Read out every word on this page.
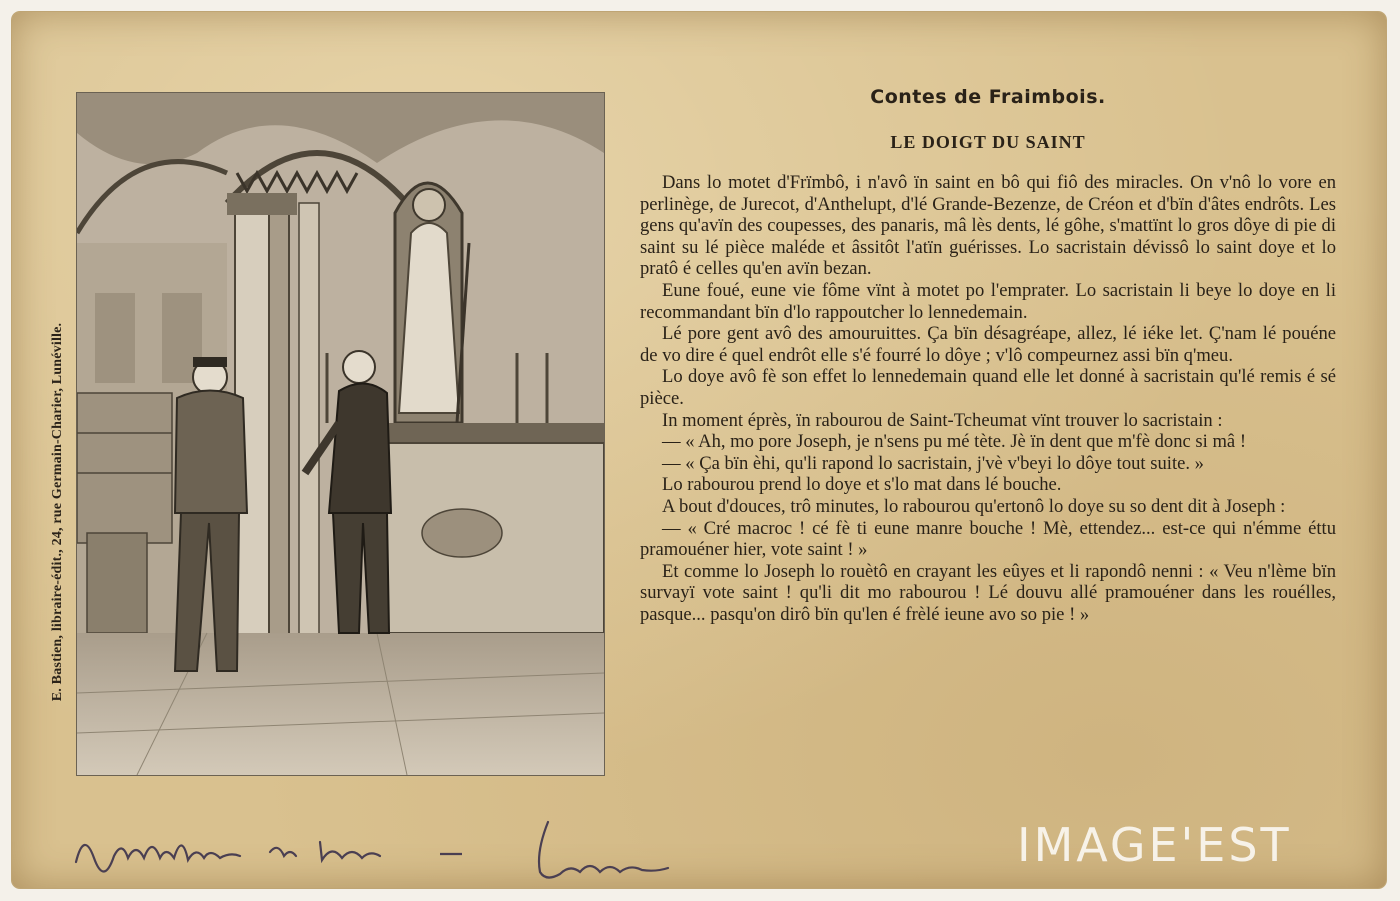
E. Bastien, libraire-édit., 24, rue Germain-Charier, Lunéville.
Contes de Fraimbois.
LE DOIGT DU SAINT

Dans lo motet d'Frïmbô, i n'avô ïn saint en bô qui fiô des miracles. On v'nô lo vore en perlinège, de Jurecot, d'Anthelupt, d'lé Grande-Bezenze, de Créon et d'bïn d'âtes endrôts. Les gens qu'avïn des coupesses, des panaris, mâ lès dents, lé gôhe, s'mattïnt lo gros dôye di pie di saint su lé pièce maléde et âssitôt l'atïn guérisses. Lo sacristain dévissô lo saint doye et lo pratô é celles qu'en avïn bezan.

Eune foué, eune vie fôme vïnt à motet po l'emprater. Lo sacristain li beye lo doye en li recommandant bïn d'lo rappoutcher lo lennedemain.

Lé pore gent avô des amouruittes. Ça bïn désagréape, allez, lé iéke let. Ç'nam lé pouéne de vo dire é quel endrôt elle s'é fourré lo dôye ; v'lô compeurnez assi bïn q'meu.

Lo doye avô fè son effet lo lennedemain quand elle let donné à sacristain qu'lé remis é sé pièce.

In moment éprès, ïn rabourou de Saint-Tcheumat vïnt trouver lo sacristain :

— « Ah, mo pore Joseph, je n'sens pu mé tète. Jè ïn dent que m'fè donc si mâ !

— « Ça bïn èhi, qu'li rapond lo sacristain, j'vè v'beyi lo dôye tout suite. »

Lo rabourou prend lo doye et s'lo mat dans lé bouche.

A bout d'douces, trô minutes, lo rabourou qu'ertonô lo doye su so dent dit à Joseph :

— « Cré macroc ! cé fè ti eune manre bouche ! Mè, ettendez... est-ce qui n'émme éttu pramouéner hier, vote saint ! »

Et comme lo Joseph lo rouètô en crayant les eûyes et li rapondô nenni : « Veu n'lème bïn survayï vote saint ! qu'li dit mo rabourou ! Lé douvu allé pramouéner dans les rouélles, pasque... pasqu'on dirô bïn qu'len é frèlé ieune avo so pie ! »

IMAGE'EST
